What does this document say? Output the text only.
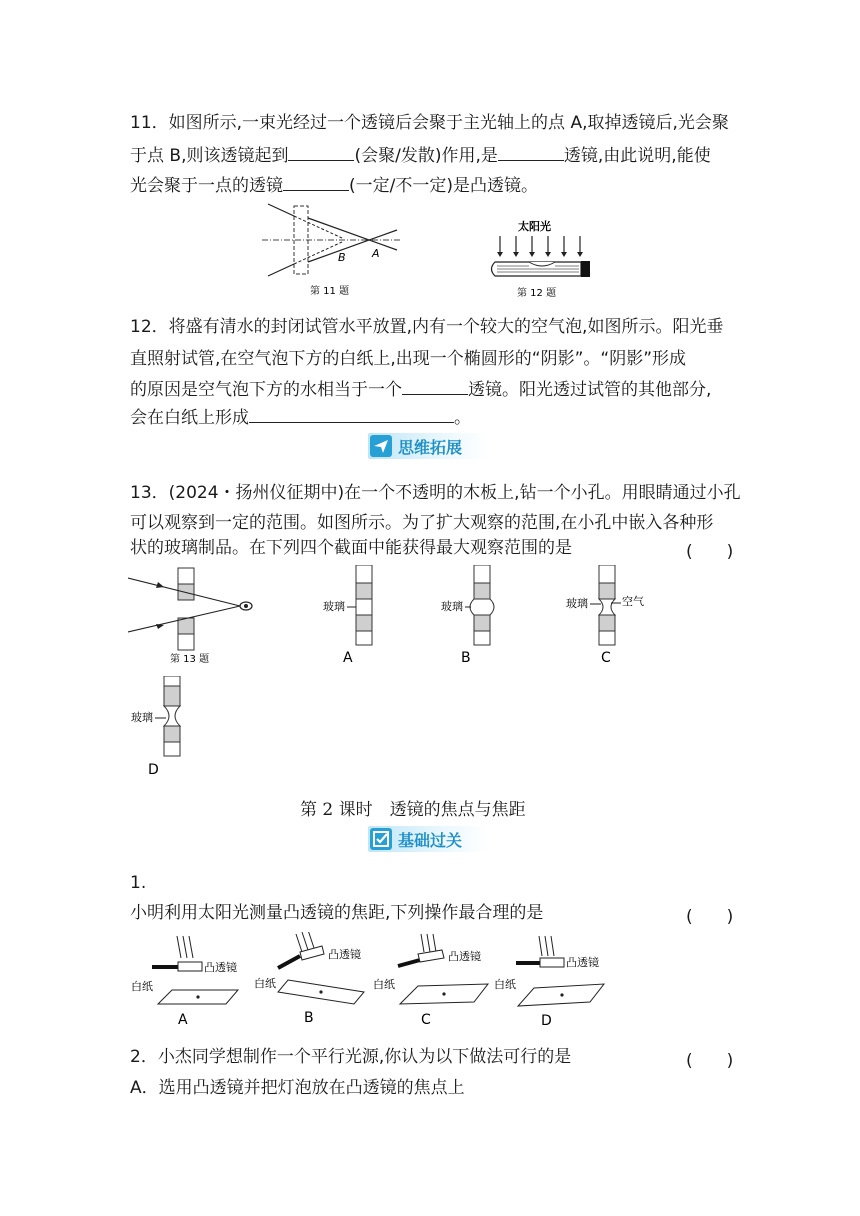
11．如图所示,一束光经过一个透镜后会聚于主光轴上的点 A,取掉透镜后,光会聚
于点 B,则该透镜起到	(会聚/发散)作用,是	透镜,由此说明,能使
光会聚于一点的透镜	(一定/不一定)是凸透镜。
B A
第 11 题
太阳光
第 12 题
12．将盛有清水的封闭试管水平放置,内有一个较大的空气泡,如图所示。阳光垂
直照射试管,在空气泡下方的白纸上,出现一个椭圆形的“阴影”。“阴影”形成
的原因是空气泡下方的水相当于一个	透镜。阳光透过试管的其他部分,
会在白纸上形成	。
思维拓展
13．(2024・扬州仪征期中)在一个不透明的木板上,钻一个小孔。用眼睛通过小孔
可以观察到一定的范围。如图所示。为了扩大观察的范围,在小孔中嵌入各种形
状的玻璃制品。在下列四个截面中能获得最大观察范围的是	(　　)
第 13 题
玻璃
A
玻璃
B
玻璃	空气
C
玻璃
D
第 2 课时　透镜的焦点与焦距
基础过关
1.
小明利用太阳光测量凸透镜的焦距,下列操作最合理的是	(　　)
凸透镜
白纸
A
凸透镜
白纸
B
凸透镜
白纸
C
凸透镜
白纸
D
2．小杰同学想制作一个平行光源,你认为以下做法可行的是	(　　)
A．选用凸透镜并把灯泡放在凸透镜的焦点上
